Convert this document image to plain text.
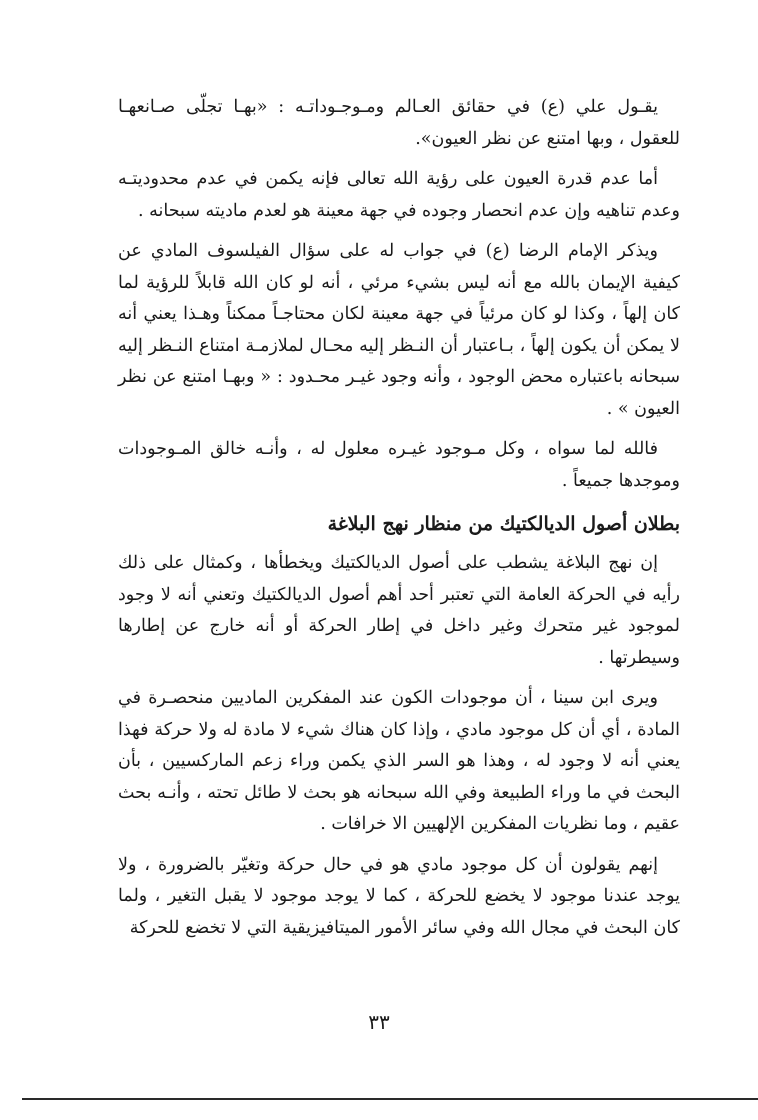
يقـول علي (ع) في حقائق العـالم ومـوجـوداتـه : «بهـا تجلّى صـانعهـا للعقول ، وبها امتنع عن نظر العيون».

أما عدم قدرة العيون على رؤية الله تعالى فإنه يكمن في عدم محدوديتـه وعدم تناهيه وإن عدم انحصار وجوده في جهة معينة هو لعدم ماديته سبحانه .

ويذكر الإمام الرضا (ع) في جواب له على سؤال الفيلسوف المادي عن كيفية الإيمان بالله مع أنه ليس بشيء مرئي ، أنه لو كان الله قابلاً للرؤية لما كان إلهاً ، وكذا لو كان مرئياً في جهة معينة لكان محتاجـاً ممكناً وهـذا يعني أنه لا يمكن أن يكون إلهاً ، بـاعتبار أن النـظر إليه محـال لملازمـة امتناع النـظر إليه سبحانه باعتباره محض الوجود ، وأنه وجود غيـر محـدود : « وبهـا امتنع عن نظر العيون » .

فالله لما سواه ، وكل مـوجود غيـره معلول له ، وأنـه خالق المـوجودات وموجدها جميعاً .

بطلان أصول الديالكتيك من منظار نهج البلاغة

إن نهج البلاغة يشطب على أصول الديالكتيك ويخطأها ، وكمثال على ذلك رأيه في الحركة العامة التي تعتبر أحد أهم أصول الديالكتيك وتعني أنه لا وجود لموجود غير متحرك وغير داخل في إطار الحركة أو أنه خارج عن إطارها وسيطرتها .

ويرى ابن سينا ، أن موجودات الكون عند المفكرين الماديين منحصـرة في المادة ، أي أن كل موجود مادي ، وإذا كان هناك شيء لا مادة له ولا حركة فهذا يعني أنه لا وجود له ، وهذا هو السر الذي يكمن وراء زعم الماركسيين ، بأن البحث في ما وراء الطبيعة وفي الله سبحانه هو بحث لا طائل تحته ، وأنـه بحث عقيم ، وما نظريات المفكرين الإلهيين الا خرافات .

إنهم يقولون أن كل موجود مادي هو في حال حركة وتغيّر بالضرورة ، ولا يوجد عندنا موجود لا يخضع للحركة ، كما لا يوجد موجود لا يقبل التغير ، ولما كان البحث في مجال الله وفي سائر الأمور الميتافيزيقية التي لا تخضع للحركة

٣٣
